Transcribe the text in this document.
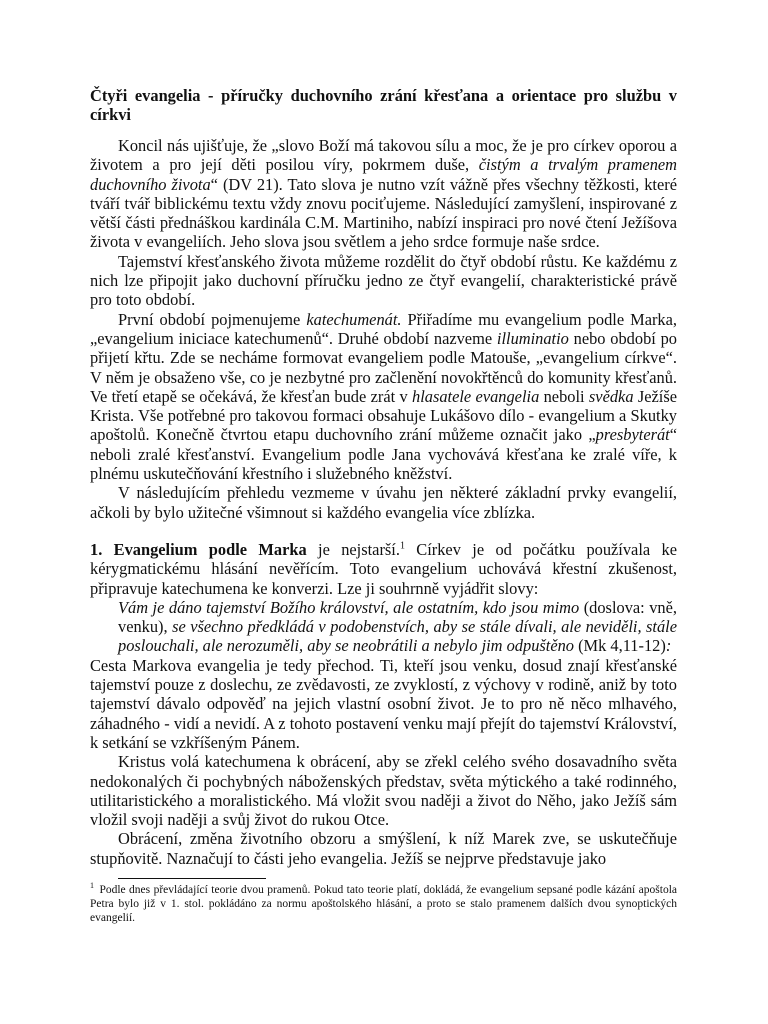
Čtyři evangelia - příručky duchovního zrání křesťana a orientace pro službu v církvi

Koncil nás ujišťuje, že „slovo Boží má takovou sílu a moc, že je pro církev oporou a životem a pro její děti posilou víry, pokrmem duše, čistým a trvalým pramenem duchovního života“ (DV 21). Tato slova je nutno vzít vážně přes všechny těžkosti, které tváří tvář biblickému textu vždy znovu pociťujeme. Následující zamyšlení, inspirované z větší části přednáškou kardinála C.M. Martiniho, nabízí inspiraci pro nové čtení Ježíšova života v evangeliích. Jeho slova jsou světlem a jeho srdce formuje naše srdce.

Tajemství křesťanského života můžeme rozdělit do čtyř období růstu. Ke každému z nich lze připojit jako duchovní příručku jedno ze čtyř evangelií, charakteristické právě pro toto období.

První období pojmenujeme katechumenát. Přiřadíme mu evangelium podle Marka, „evangelium iniciace katechumenů“. Druhé období nazveme illuminatio nebo období po přijetí křtu. Zde se necháme formovat evangeliem podle Matouše, „evangelium církve“. V něm je obsaženo vše, co je nezbytné pro začlenění novokřtěnců do komunity křesťanů. Ve třetí etapě se očekává, že křesťan bude zrát v hlasatele evangelia neboli svědka Ježíše Krista. Vše potřebné pro takovou formaci obsahuje Lukášovo dílo - evangelium a Skutky apoštolů. Konečně čtvrtou etapu duchovního zrání můžeme označit jako „presbyterát“ neboli zralé křesťanství. Evangelium podle Jana vychovává křesťana ke zralé víře, k plnému uskutečňování křestního i služebného kněžství.

V následujícím přehledu vezmeme v úvahu jen některé základní prvky evangelií, ačkoli by bylo užitečné všimnout si každého evangelia více zblízka.

1. Evangelium podle Marka je nejstarší.$^1$ Církev je od počátku používala ke kérygmatickému hlásání nevěřícím. Toto evangelium uchovává křestní zkušenost, připravuje katechumena ke konverzi. Lze ji souhrnně vyjádřit slovy:

Vám je dáno tajemství Božího království, ale ostatním, kdo jsou mimo (doslova: vně, venku), se všechno předkládá v podobenstvích, aby se stále dívali, ale neviděli, stále poslouchali, ale nerozuměli, aby se neobrátili a nebylo jim odpuštěno (Mk 4,11-12):

Cesta Markova evangelia je tedy přechod. Ti, kteří jsou venku, dosud znají křesťanské tajemství pouze z doslechu, ze zvědavosti, ze zvyklostí, z výchovy v rodině, aniž by toto tajemství dávalo odpověď na jejich vlastní osobní život. Je to pro ně něco mlhavého, záhadného - vidí a nevidí. A z tohoto postavení venku mají přejít do tajemství Království, k setkání se vzkříšeným Pánem.

Kristus volá katechumena k obrácení, aby se zřekl celého svého dosavadního světa nedokonalých či pochybných náboženských představ, světa mýtického a také rodinného, utilitaristického a moralistického. Má vložit svou naději a život do Něho, jako Ježíš sám vložil svoji naději a svůj život do rukou Otce.

Obrácení, změna životního obzoru a smýšlení, k níž Marek zve, se uskutečňuje stupňovitě. Naznačují to části jeho evangelia. Ježíš se nejprve představuje jako

$^1$ Podle dnes převládající teorie dvou pramenů. Pokud tato teorie platí, dokládá, že evangelium sepsané podle kázání apoštola Petra bylo již v 1. stol. pokládáno za normu apoštolského hlásání, a proto se stalo pramenem dalších dvou synoptických evangelií.
